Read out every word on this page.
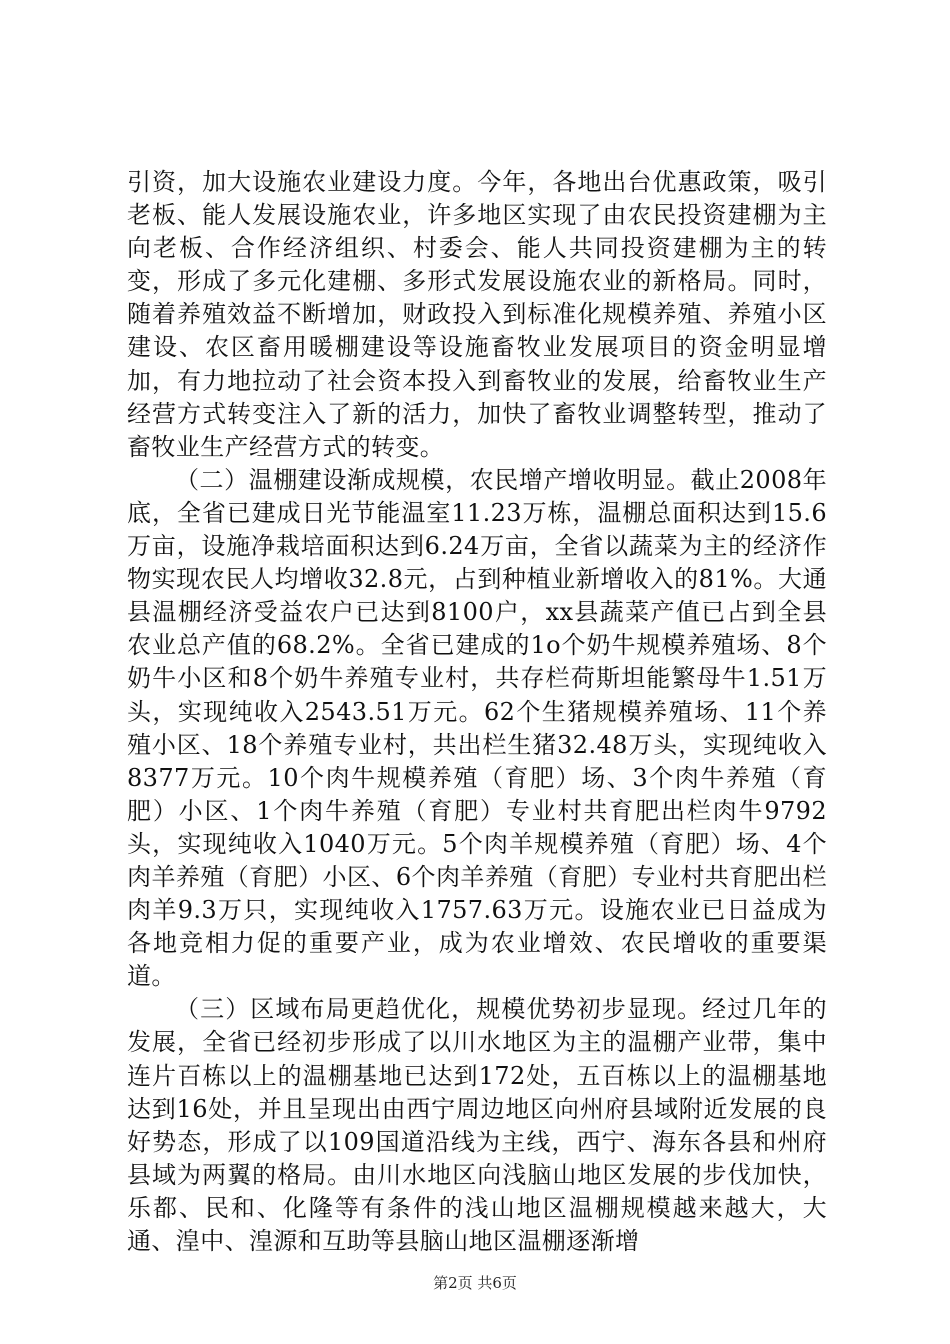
引资，加大设施农业建设力度。今年，各地出台优惠政策，吸引老板、能人发展设施农业，许多地区实现了由农民投资建棚为主向老板、合作经济组织、村委会、能人共同投资建棚为主的转变，形成了多元化建棚、多形式发展设施农业的新格局。同时，随着养殖效益不断增加，财政投入到标准化规模养殖、养殖小区建设、农区畜用暖棚建设等设施畜牧业发展项目的资金明显增加，有力地拉动了社会资本投入到畜牧业的发展，给畜牧业生产经营方式转变注入了新的活力，加快了畜牧业调整转型，推动了畜牧业生产经营方式的转变。

（二）温棚建设渐成规模，农民增产增收明显。截止2008年底，全省已建成日光节能温室11.23万栋，温棚总面积达到15.6万亩，设施净栽培面积达到6.24万亩，全省以蔬菜为主的经济作物实现农民人均增收32.8元，占到种植业新增收入的81%。大通县温棚经济受益农户已达到8100户，xx县蔬菜产值已占到全县农业总产值的68.2%。全省已建成的1o个奶牛规模养殖场、8个奶牛小区和8个奶牛养殖专业村，共存栏荷斯坦能繁母牛1.51万头，实现纯收入2543.51万元。62个生猪规模养殖场、11个养殖小区、18个养殖专业村，共出栏生猪32.48万头，实现纯收入8377万元。10个肉牛规模养殖（育肥）场、3个肉牛养殖（育肥）小区、1个肉牛养殖（育肥）专业村共育肥出栏肉牛9792头，实现纯收入1040万元。5个肉羊规模养殖（育肥）场、4个肉羊养殖（育肥）小区、6个肉羊养殖（育肥）专业村共育肥出栏肉羊9.3万只，实现纯收入1757.63万元。设施农业已日益成为各地竞相力促的重要产业，成为农业增效、农民增收的重要渠道。

（三）区域布局更趋优化，规模优势初步显现。经过几年的发展，全省已经初步形成了以川水地区为主的温棚产业带，集中连片百栋以上的温棚基地已达到172处，五百栋以上的温棚基地达到16处，并且呈现出由西宁周边地区向州府县域附近发展的良好势态，形成了以109国道沿线为主线，西宁、海东各县和州府县域为两翼的格局。由川水地区向浅脑山地区发展的步伐加快，乐都、民和、化隆等有条件的浅山地区温棚规模越来越大，大通、湟中、湟源和互助等县脑山地区温棚逐渐增

第2页 共6页
